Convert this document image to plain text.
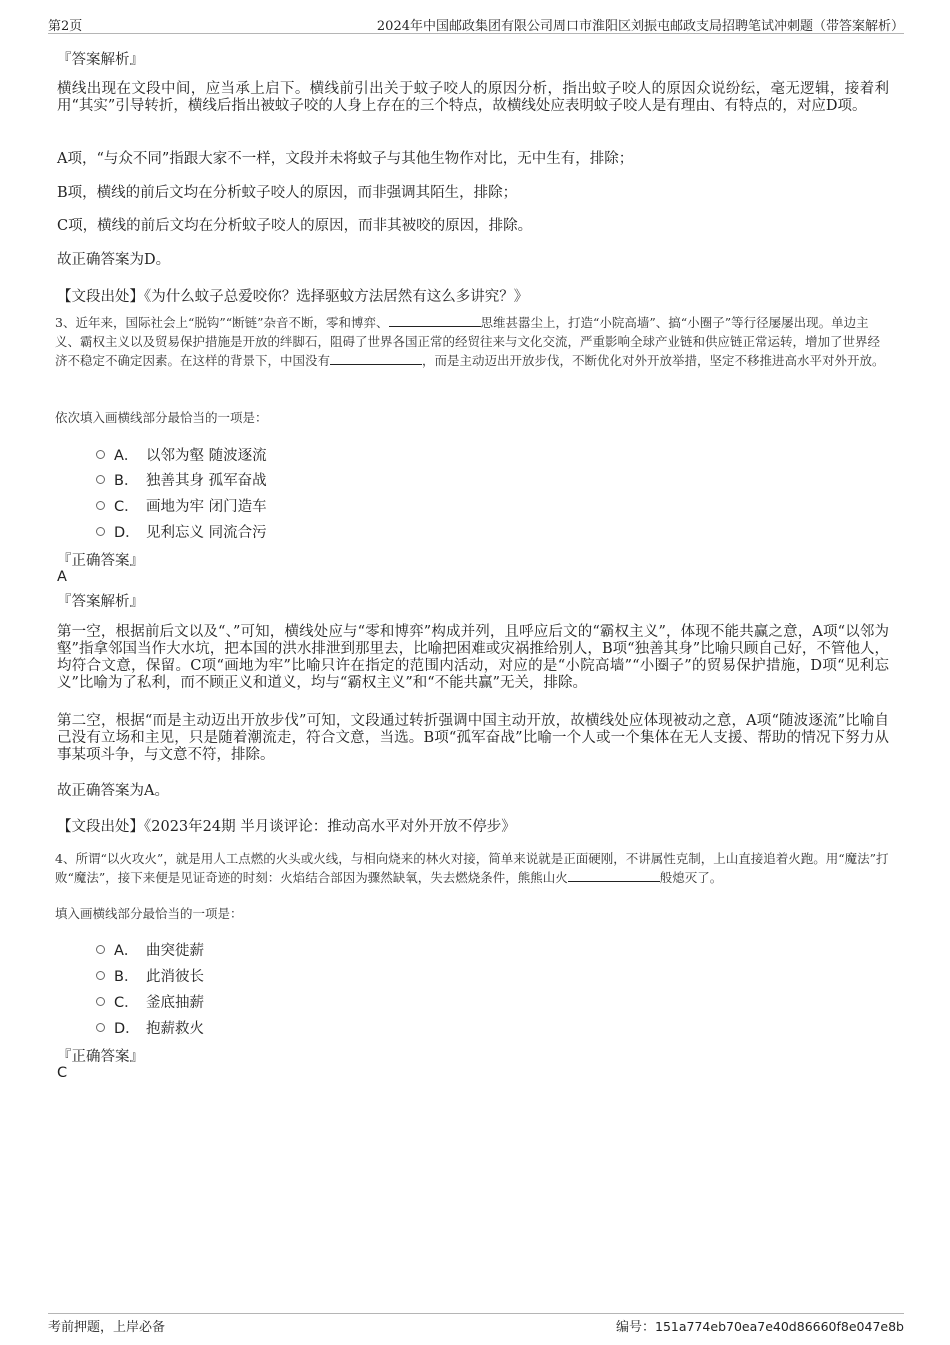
第2页	2024年中国邮政集团有限公司周口市淮阳区刘振屯邮政支局招聘笔试冲刺题（带答案解析）
『答案解析』

横线出现在文段中间，应当承上启下。横线前引出关于蚊子咬人的原因分析，指出蚊子咬人的原因众说纷纭，毫无逻辑，接着利用“其实”引导转折，横线后指出被蚊子咬的人身上存在的三个特点，故横线处应表明蚊子咬人是有理由、有特点的，对应D项。

A项，“与众不同”指跟大家不一样，文段并未将蚊子与其他生物作对比，无中生有，排除；

B项，横线的前后文均在分析蚊子咬人的原因，而非强调其陌生，排除；

C项，横线的前后文均在分析蚊子咬人的原因，而非其被咬的原因，排除。

故正确答案为D。

【文段出处】《为什么蚊子总爱咬你？选择驱蚊方法居然有这么多讲究？》

3、近年来，国际社会上“脱钩”“断链”杂音不断，零和博弈、	思维甚嚣尘上，打造“小院高墙”、搞“小圈子”等行径屡屡出现。单边主义、霸权主义以及贸易保护措施是开放的绊脚石，阻碍了世界各国正常的经贸往来与文化交流，严重影响全球产业链和供应链正常运转，增加了世界经济不稳定不确定因素。在这样的背景下，中国没有	，而是主动迈出开放步伐，不断优化对外开放举措，坚定不移推进高水平对外开放。

依次填入画横线部分最恰当的一项是：

A． 以邻为壑 随波逐流
B． 独善其身 孤军奋战
C． 画地为牢 闭门造车
D． 见利忘义 同流合污
『正确答案』
A
『答案解析』

第一空，根据前后文以及“、”可知，横线处应与“零和博弈”构成并列，且呼应后文的“霸权主义”，体现不能共赢之意，A项“以邻为壑”指拿邻国当作大水坑，把本国的洪水排泄到那里去，比喻把困难或灾祸推给别人，B项“独善其身”比喻只顾自己好，不管他人，均符合文意，保留。C项“画地为牢”比喻只许在指定的范围内活动，对应的是“小院高墙”“小圈子”的贸易保护措施，D项“见利忘义”比喻为了私利，而不顾正义和道义，均与“霸权主义”和“不能共赢”无关，排除。

第二空，根据“而是主动迈出开放步伐”可知，文段通过转折强调中国主动开放，故横线处应体现被动之意，A项“随波逐流”比喻自己没有立场和主见，只是随着潮流走，符合文意，当选。B项“孤军奋战”比喻一个人或一个集体在无人支援、帮助的情况下努力从事某项斗争，与文意不符，排除。

故正确答案为A。

【文段出处】《2023年24期 半月谈评论：推动高水平对外开放不停步》

4、所谓“以火攻火”，就是用人工点燃的火头或火线，与相向烧来的林火对接，简单来说就是正面硬刚，不讲属性克制，上山直接追着火跑。用“魔法”打败“魔法”，接下来便是见证奇迹的时刻：火焰结合部因为骤然缺氧，失去燃烧条件，熊熊山火	般熄灭了。

填入画横线部分最恰当的一项是：

A． 曲突徙薪
B． 此消彼长
C． 釜底抽薪
D． 抱薪救火
『正确答案』
C
考前押题，上岸必备	编号：151a774eb70ea7e40d86660f8e047e8b
